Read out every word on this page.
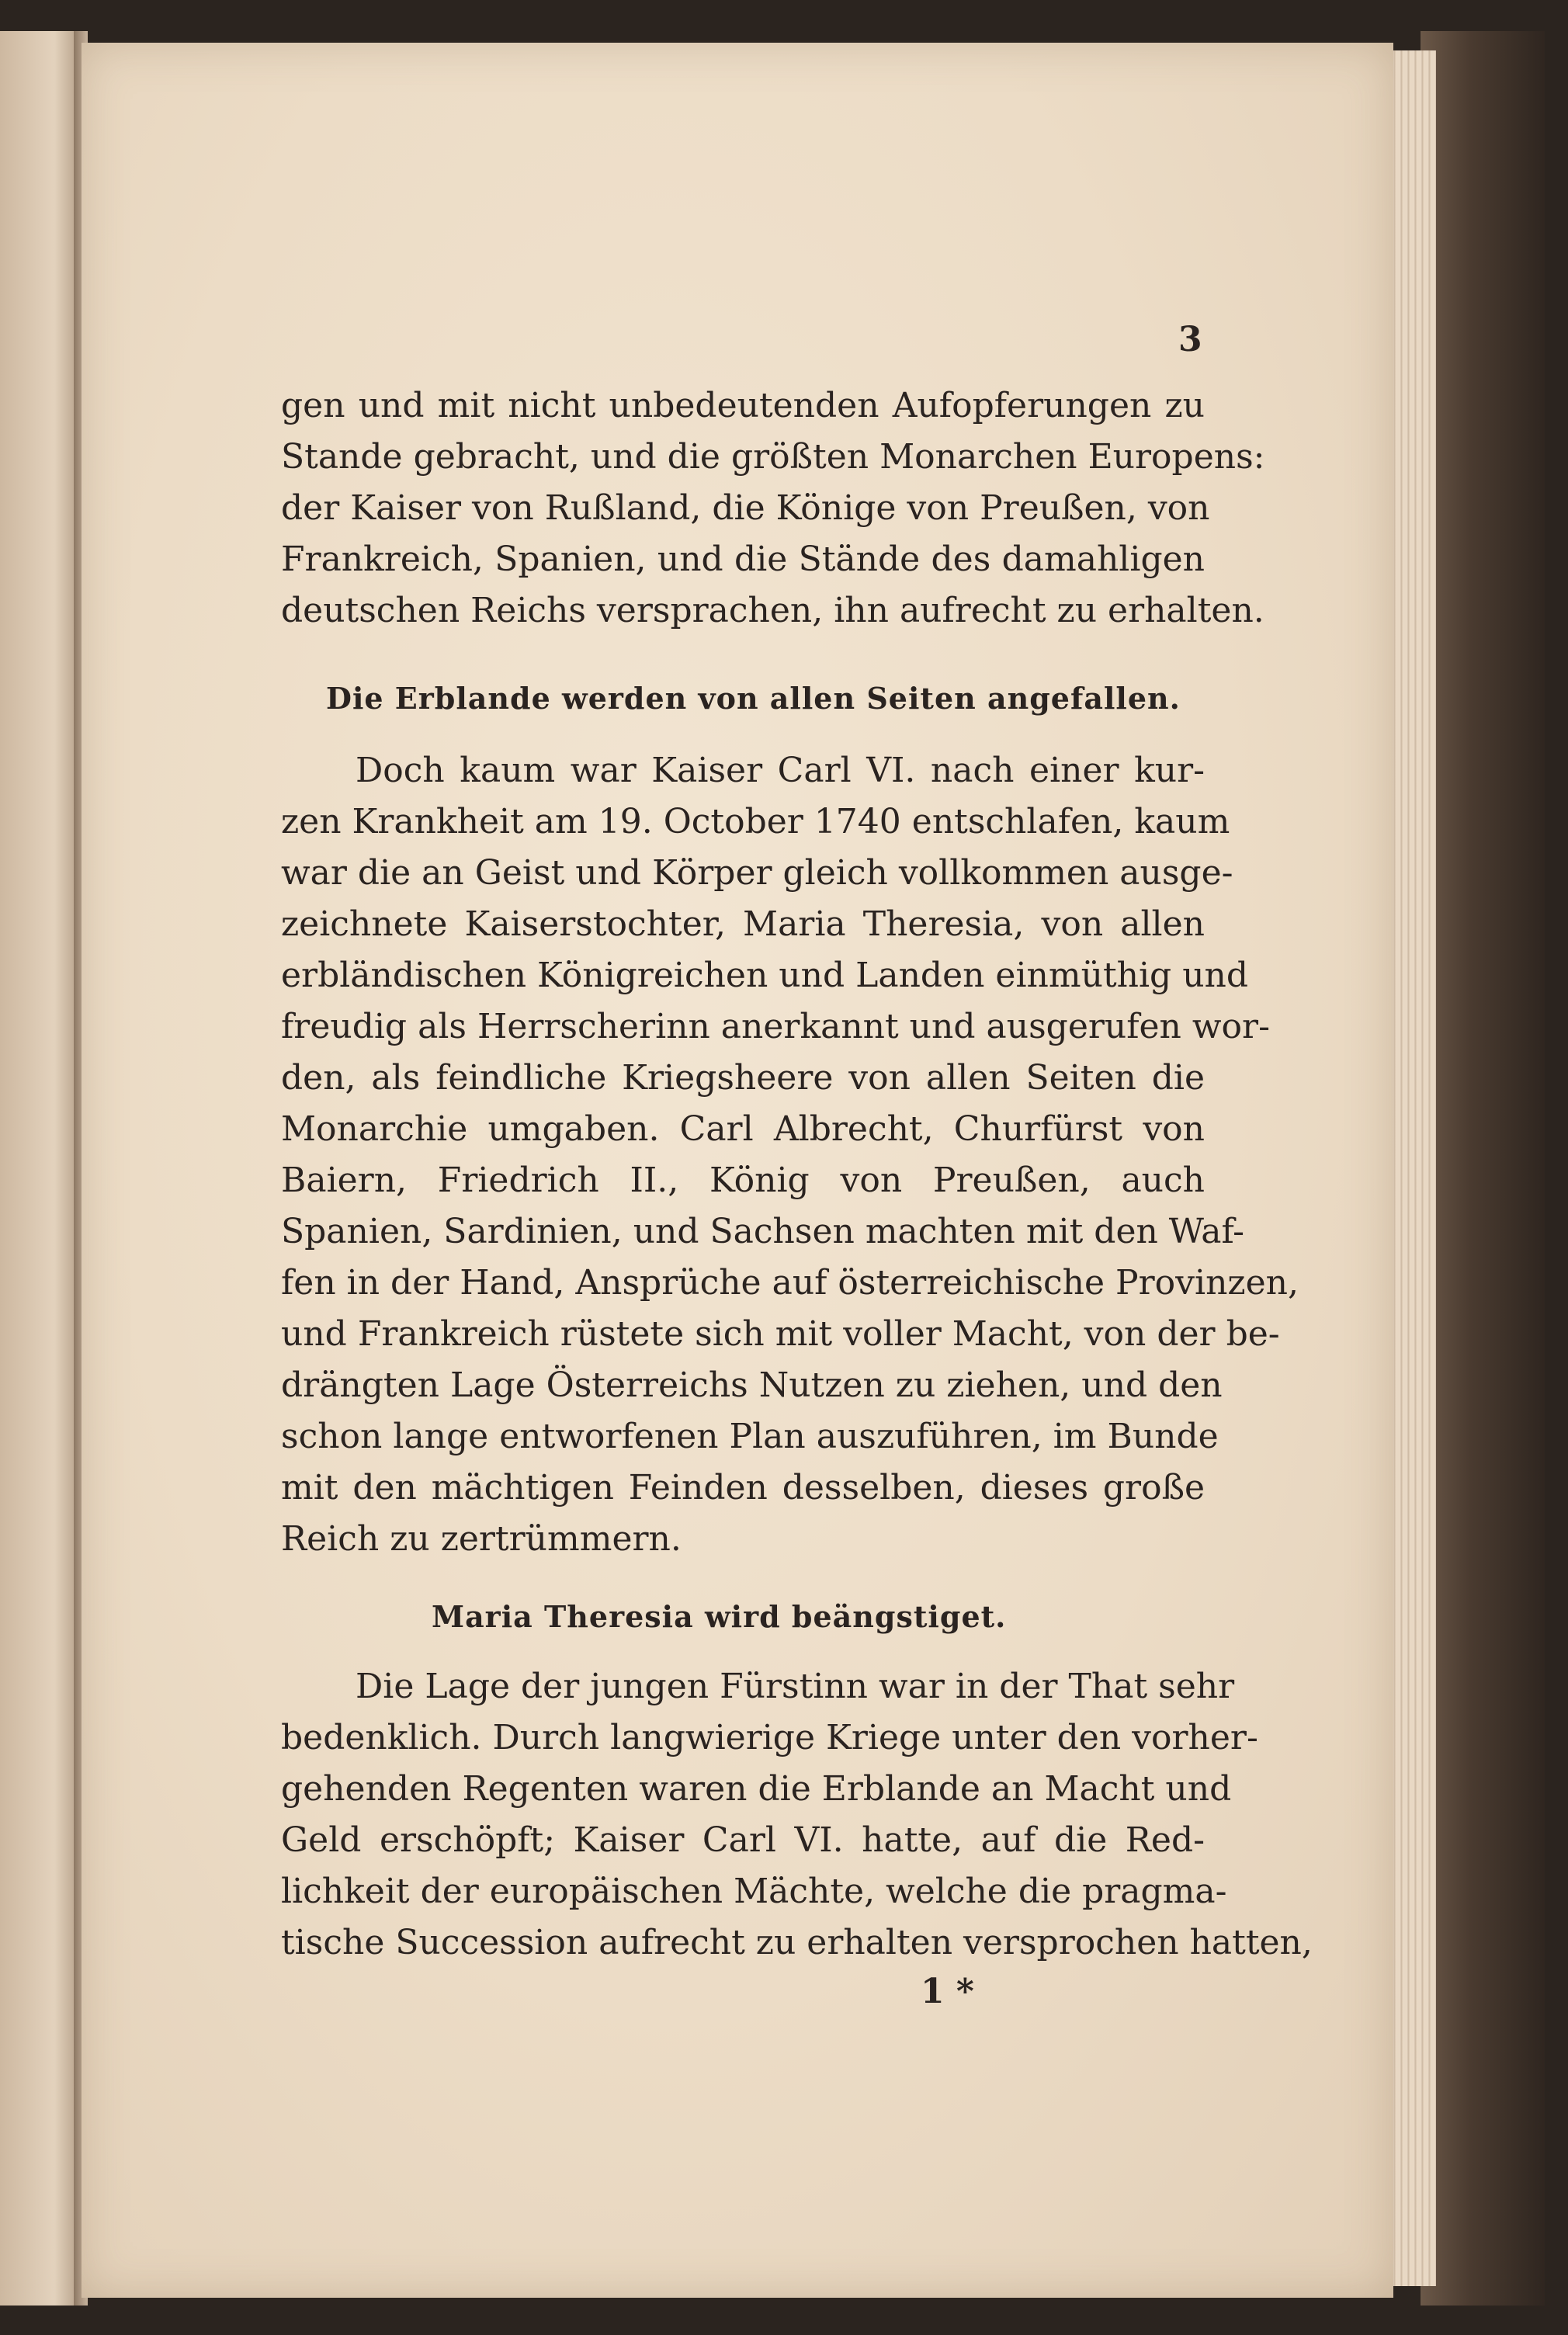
3
gen und mit nicht unbedeutenden Aufopferungen zu
Stande gebracht, und die größten Monarchen Europens:
der Kaiser von Rußland, die Könige von Preußen, von
Frankreich, Spanien, und die Stände des damahligen
deutschen Reichs versprachen, ihn aufrecht zu erhalten.
Die Erblande werden von allen Seiten angefallen.
Doch kaum war Kaiser Carl VI. nach einer kur-
zen Krankheit am 19. October 1740 entschlafen, kaum
war die an Geist und Körper gleich vollkommen ausge-
zeichnete Kaiserstochter, Maria Theresia, von allen
erbländischen Königreichen und Landen einmüthig und
freudig als Herrscherinn anerkannt und ausgerufen wor-
den, als feindliche Kriegsheere von allen Seiten die
Monarchie umgaben. Carl Albrecht, Churfürst von
Baiern, Friedrich II., König von Preußen, auch
Spanien, Sardinien, und Sachsen machten mit den Waf-
fen in der Hand, Ansprüche auf österreichische Provinzen,
und Frankreich rüstete sich mit voller Macht, von der be-
drängten Lage Österreichs Nutzen zu ziehen, und den
schon lange entworfenen Plan auszuführen, im Bunde
mit den mächtigen Feinden desselben, dieses große
Reich zu zertrümmern.
Maria Theresia wird beängstiget.
Die Lage der jungen Fürstinn war in der That sehr
bedenklich. Durch langwierige Kriege unter den vorher-
gehenden Regenten waren die Erblande an Macht und
Geld erschöpft; Kaiser Carl VI. hatte, auf die Red-
lichkeit der europäischen Mächte, welche die pragma-
tische Succession aufrecht zu erhalten versprochen hatten,
1 *
